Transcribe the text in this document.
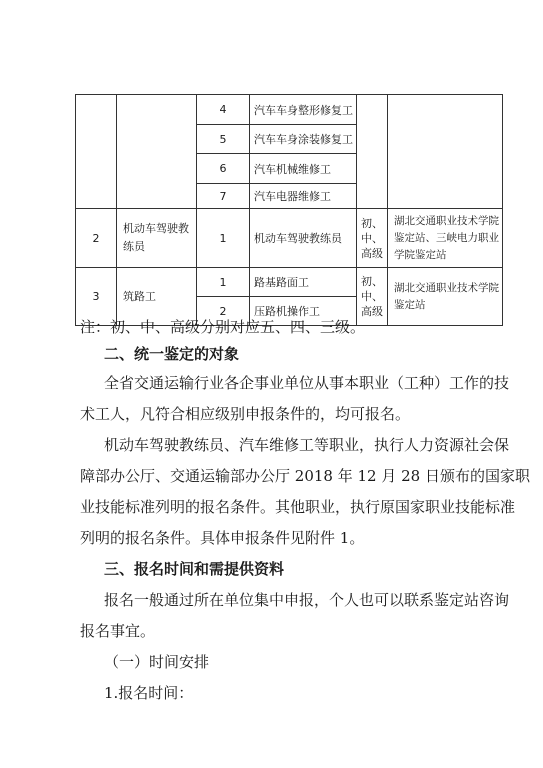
		4	汽车车身整形修复工		
		5	汽车车身涂装修复工		
		6	汽车机械维修工		
		7	汽车电器维修工		
2	机动车驾驶教练员	1	机动车驾驶教练员	初、中、高级	湖北交通职业技术学院鉴定站、三峡电力职业学院鉴定站
3	筑路工	1	路基路面工	初、中、高级	湖北交通职业技术学院鉴定站
		2	压路机操作工		

注：初、中、高级分别对应五、四、三级。

二、统一鉴定的对象

全省交通运输行业各企事业单位从事本职业（工种）工作的技

术工人，凡符合相应级别申报条件的，均可报名。

机动车驾驶教练员、汽车维修工等职业，执行人力资源社会保

障部办公厅、交通运输部办公厅 2018 年 12 月 28 日颁布的国家职

业技能标准列明的报名条件。其他职业，执行原国家职业技能标准

列明的报名条件。具体申报条件见附件 1。

三、报名时间和需提供资料

报名一般通过所在单位集中申报，个人也可以联系鉴定站咨询

报名事宜。

（一）时间安排

1.报名时间：
